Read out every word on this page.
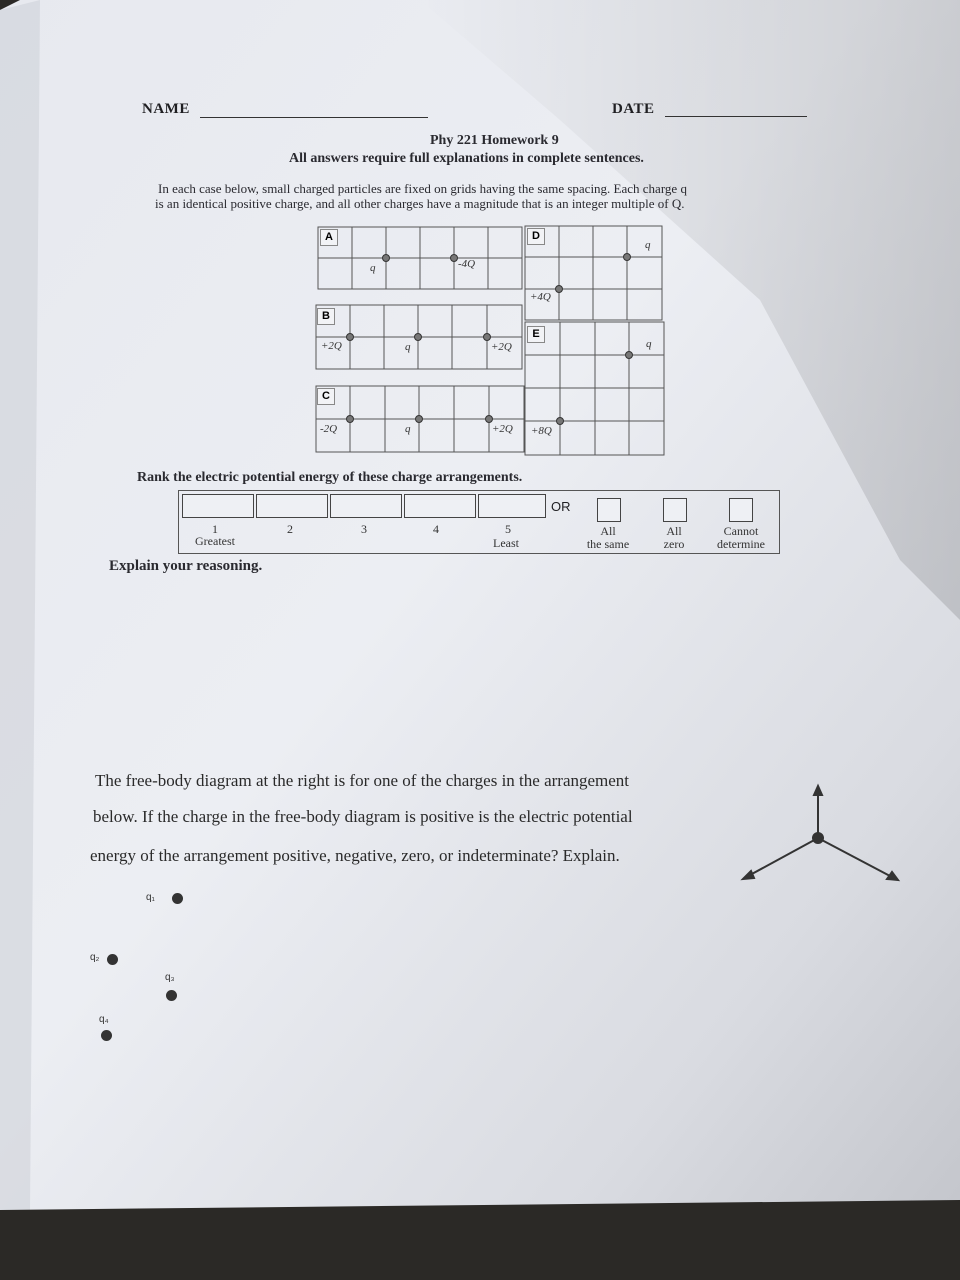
NAME	DATE
Phy 221 Homework 9
All answers require full explanations in complete sentences.
In each case below, small charged particles are fixed on grids having the same spacing. Each charge q
is an identical positive charge, and all other charges have a magnitude that is an integer multiple of Q.
A
B
C
D
E
q	-4Q
+2Q	q	+2Q
-2Q	q	+2Q
q
+4Q
q
+8Q
Rank the electric potential energy of these charge arrangements.
OR
1	2	3	4	5
Greatest	Least
All
the same
All
zero
Cannot
determine
Explain your reasoning.
The free-body diagram at the right is for one of the charges in the arrangement
below. If the charge in the free-body diagram is positive is the electric potential
energy of the arrangement positive, negative, zero, or indeterminate? Explain.
q₁
q₂
q₃
q₄
